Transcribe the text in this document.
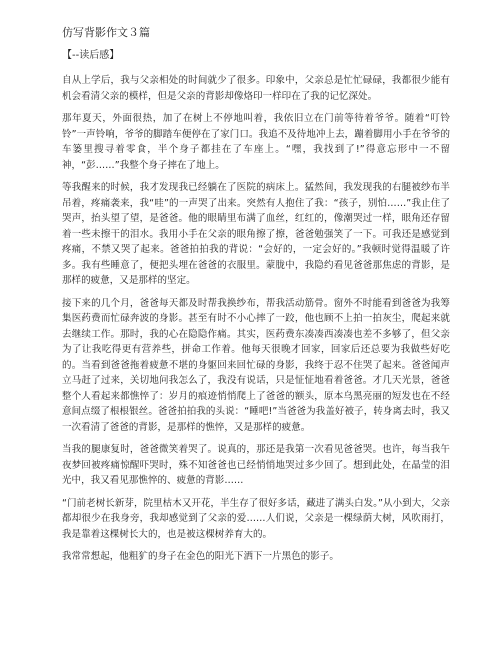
仿写背影作文３篇
【--读后感】

自从上学后，我与父亲相处的时间就少了很多。印象中，父亲总是忙忙碌碌，我都很少能有机会看清父亲的模样，但是父亲的背影却像烙印一样印在了我的记忆深处。

那年夏天，外面很热，加了在树上不停地叫着，我依旧立在门前等待着爷爷。随着“叮铃铃”一声铃响，爷爷的脚踏车便停在了家门口。我追不及待地冲上去，蹦着脚用小手在爷爷的车篓里搜寻着零食，半个身子都挂在了车座上。“嘿，我找到了!”得意忘形中一不留神，“彭……”我整个身子摔在了地上。

等我醒来的时候，我才发现我已经躺在了医院的病床上。猛然间，我发现我的右腿被纱布半吊着，疼痛袭来，我“哇”的一声哭了出来。突然有人抱住了我：“孩子，别怕……”我止住了哭声，抬头望了望，是爸爸。他的眼睛里布满了血丝，红红的，像潮哭过一样，眼角还存留着一些未擦干的泪水。我用小手在父亲的眼角擦了擦，爸爸勉强笑了一下。可我还是感觉到疼痛，不禁又哭了起来。爸爸拍拍我的背说：“会好的，一定会好的。”我顿时觉得温暖了许多。我有些睡意了，便把头埋在爸爸的衣服里。蒙胧中，我隐约看见爸爸那焦虑的背影，是那样的疲惫，又是那样的坚定。

接下来的几个月，爸爸每天都及时帮我换纱布，帮我活动筋骨。窗外不时能看到爸爸为我筹集医药费而忙碌奔波的身影。甚至有时不小心摔了一跤，他也顾不上拍一拍灰尘，爬起来就去继续工作。那时，我的心在隐隐作痛。其实，医药费东凑凑西凑凑也差不多够了，但父亲为了让我吃得更有营养些，拼命工作着。他每天很晚才回家，回家后还总要为我做些好吃的。当看到爸爸拖着疲惫不堪的身躯回来回忙碌的身影，我终于忍不住哭了起来。爸爸闻声立马赶了过来，关切地问我怎么了，我没有说话，只是怔怔地看着爸爸。才几天光景，爸爸整个人看起来都憔悴了：岁月的痕迹悄悄爬上了爸爸的额头，原本乌黑亮丽的短发也在不经意间点缀了根根银丝。爸爸拍拍我的头说：“睡吧!”当爸爸为我盖好被子，转身离去时，我又一次看清了爸爸的背影，是那样的憔悴，又是那样的疲惫。

当我的腿康复时，爸爸微笑着哭了。说真的，那还是我第一次看见爸爸哭。也许，每当我午夜梦回被疼痛惊醒吓哭时，殊不知爸爸也已经悄悄地哭过多少回了。想到此处，在晶莹的泪光中，我又看见那憔悴的、疲惫的背影……

“门前老树长新芽，院里枯木又开花，半生存了很好多话，藏进了满头白发。”从小到大，父亲都却很少在我身旁，我却感觉到了父亲的爱……人们说，父亲是一棵绿荫大树，风吹雨打，我是靠着这棵树长大的，也是被这棵树养育大的。

我常常想起，他粗犷的身子在金色的阳光下洒下一片黑色的影子。
